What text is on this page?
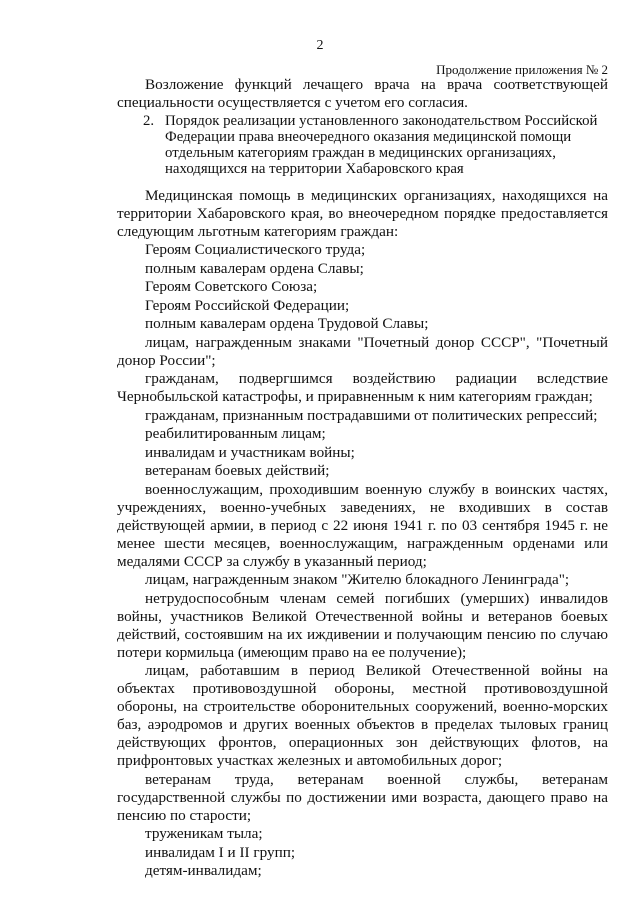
2
Продолжение приложения № 2

Возложение функций лечащего врача на врача соответствующей специальности осуществляется с учетом его согласия.

2. Порядок реализации установленного законодательством Российской Федерации права внеочередного оказания медицинской помощи отдельным категориям граждан в медицинских организациях, находящихся на территории Хабаровского края

Медицинская помощь в медицинских организациях, находящихся на территории Хабаровского края, во внеочередном порядке предоставляется следующим льготным категориям граждан:

Героям Социалистического труда;

полным кавалерам ордена Славы;

Героям Советского Союза;

Героям Российской Федерации;

полным кавалерам ордена Трудовой Славы;

лицам, награжденным знаками "Почетный донор СССР", "Почетный донор России";

гражданам, подвергшимся воздействию радиации вследствие Чернобыльской катастрофы, и приравненным к ним категориям граждан;

гражданам, признанным пострадавшими от политических репрессий;

реабилитированным лицам;

инвалидам и участникам войны;

ветеранам боевых действий;

военнослужащим, проходившим военную службу в воинских частях, учреждениях, военно-учебных заведениях, не входивших в состав действующей армии, в период с 22 июня 1941 г. по 03 сентября 1945 г. не менее шести месяцев, военнослужащим, награжденным орденами или медалями СССР за службу в указанный период;

лицам, награжденным знаком "Жителю блокадного Ленинграда";

нетрудоспособным членам семей погибших (умерших) инвалидов войны, участников Великой Отечественной войны и ветеранов боевых действий, состоявшим на их иждивении и получающим пенсию по случаю потери кормильца (имеющим право на ее получение);

лицам, работавшим в период Великой Отечественной войны на объектах противовоздушной обороны, местной противовоздушной обороны, на строительстве оборонительных сооружений, военно-морских баз, аэродромов и других военных объектов в пределах тыловых границ действующих фронтов, операционных зон действующих флотов, на прифронтовых участках железных и автомобильных дорог;

ветеранам труда, ветеранам военной службы, ветеранам государственной службы по достижении ими возраста, дающего право на пенсию по старости;

труженикам тыла;

инвалидам I и II групп;

детям-инвалидам;
